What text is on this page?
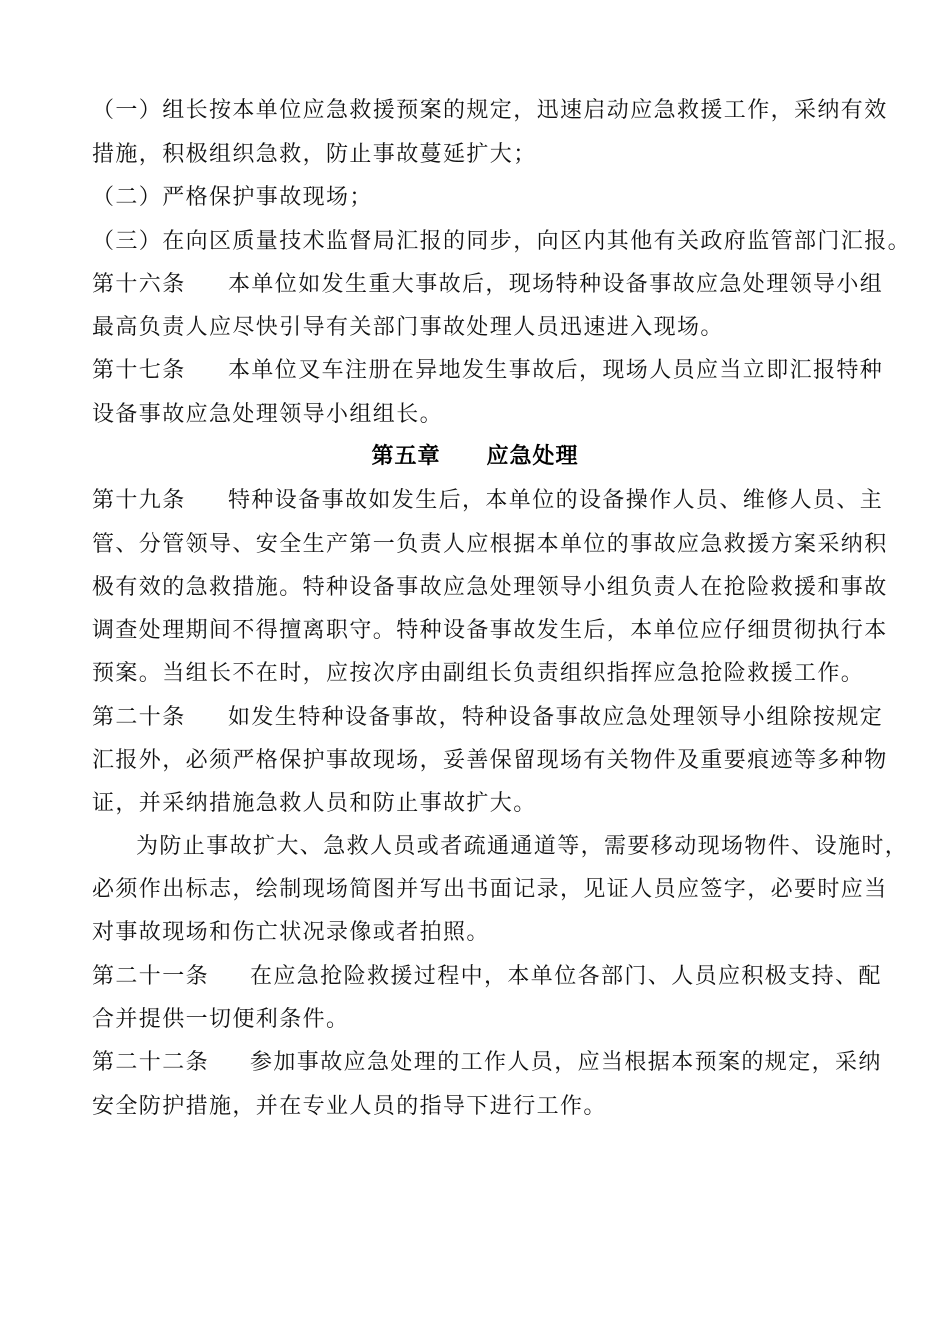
（一）组长按本单位应急救援预案的规定，迅速启动应急救援工作，采纳有效
措施，积极组织急救，防止事故蔓延扩大；
（二）严格保护事故现场；
（三）在向区质量技术监督局汇报的同步，向区内其他有关政府监管部门汇报。
第十六条 本单位如发生重大事故后，现场特种设备事故应急处理领导小组
最高负责人应尽快引导有关部门事故处理人员迅速进入现场。
第十七条 本单位叉车注册在异地发生事故后，现场人员应当立即汇报特种
设备事故应急处理领导小组组长。
第五章　　应急处理
第十九条 特种设备事故如发生后，本单位的设备操作人员、维修人员、主
管、分管领导、安全生产第一负责人应根据本单位的事故应急救援方案采纳积
极有效的急救措施。特种设备事故应急处理领导小组负责人在抢险救援和事故
调查处理期间不得擅离职守。特种设备事故发生后，本单位应仔细贯彻执行本
预案。当组长不在时，应按次序由副组长负责组织指挥应急抢险救援工作。
第二十条 如发生特种设备事故，特种设备事故应急处理领导小组除按规定
汇报外，必须严格保护事故现场，妥善保留现场有关物件及重要痕迹等多种物
证，并采纳措施急救人员和防止事故扩大。
为防止事故扩大、急救人员或者疏通通道等，需要移动现场物件、设施时，
必须作出标志，绘制现场简图并写出书面记录，见证人员应签字，必要时应当
对事故现场和伤亡状况录像或者拍照。
第二十一条 在应急抢险救援过程中，本单位各部门、人员应积极支持、配
合并提供一切便利条件。
第二十二条 参加事故应急处理的工作人员，应当根据本预案的规定，采纳
安全防护措施，并在专业人员的指导下进行工作。
